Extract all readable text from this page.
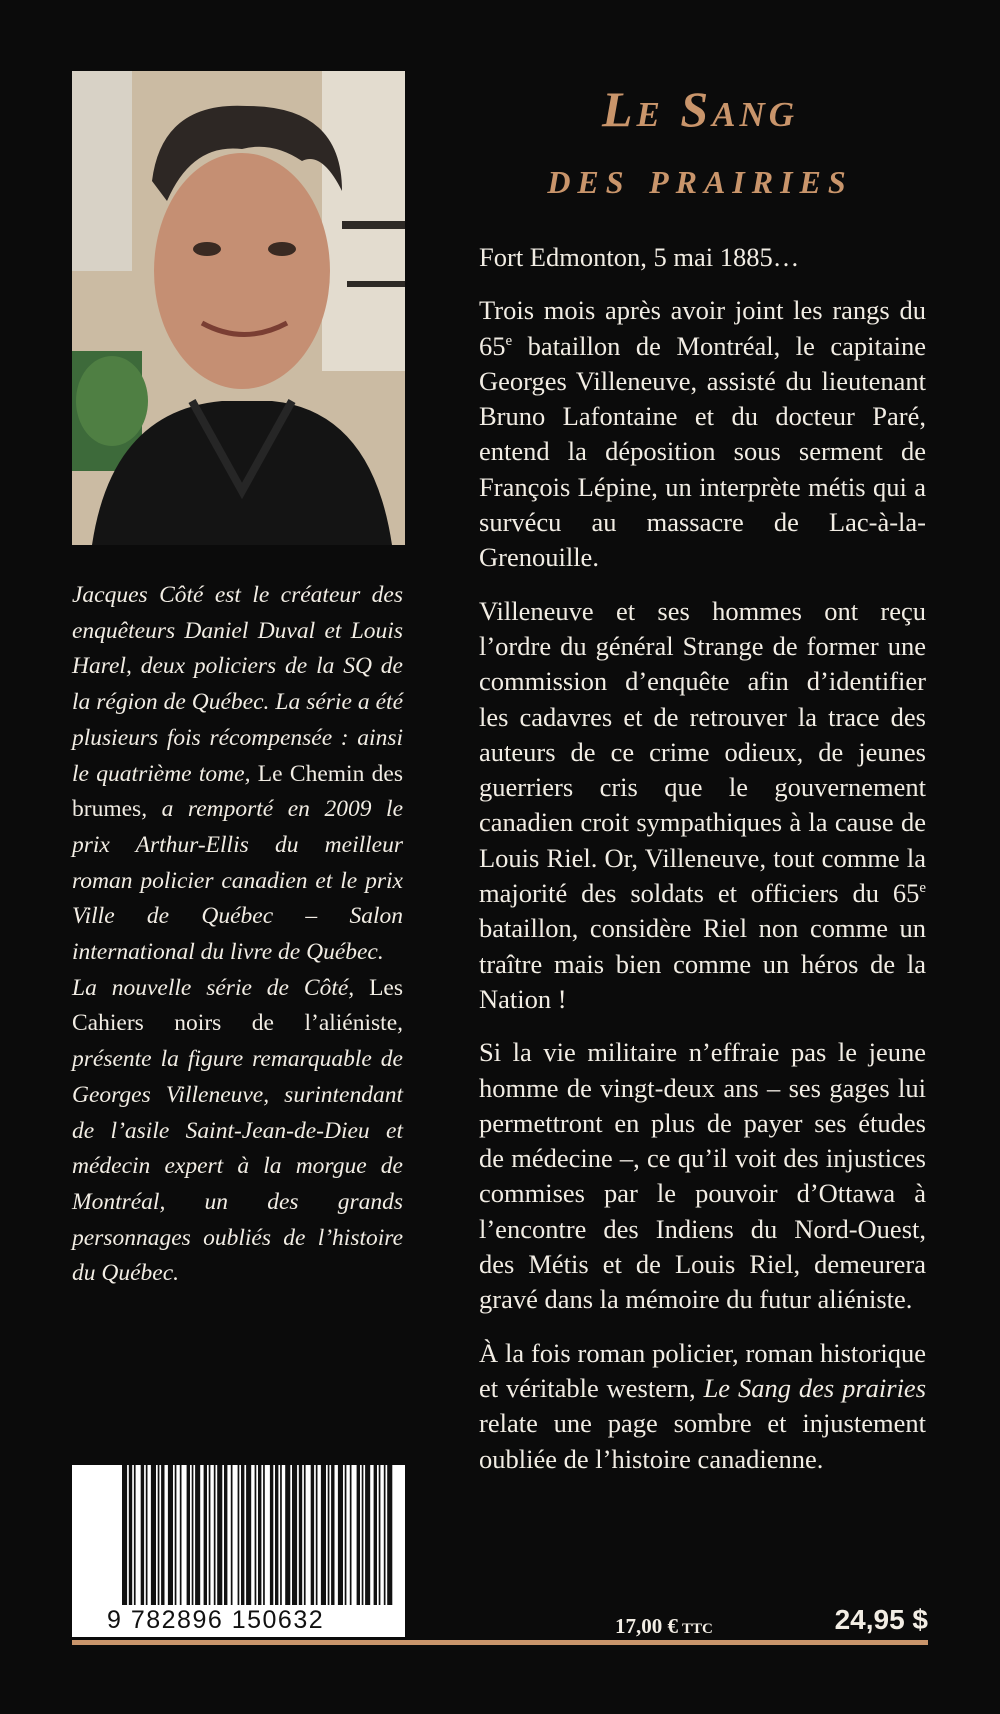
Le Sang
des prairies

Fort Edmonton, 5 mai 1885…

Trois mois après avoir joint les rangs du 65e bataillon de Montréal, le capitaine Georges Villeneuve, assisté du lieutenant Bruno Lafontaine et du docteur Paré, entend la déposition sous serment de François Lépine, un interprète métis qui a survécu au massacre de Lac-à-la-Grenouille.

Villeneuve et ses hommes ont reçu l’ordre du général Strange de former une commission d’enquête afin d’identifier les cadavres et de retrouver la trace des auteurs de ce crime odieux, de jeunes guerriers cris que le gouvernement canadien croit sympathiques à la cause de Louis Riel. Or, Villeneuve, tout comme la majorité des soldats et officiers du 65e bataillon, considère Riel non comme un traître mais bien comme un héros de la Nation !

Si la vie militaire n’effraie pas le jeune homme de vingt-deux ans – ses gages lui permettront en plus de payer ses études de médecine –, ce qu’il voit des injustices commises par le pouvoir d’Ottawa à l’encontre des Indiens du Nord-Ouest, des Métis et de Louis Riel, demeurera gravé dans la mémoire du futur aliéniste.

À la fois roman policier, roman historique et véritable western, Le Sang des prairies relate une page sombre et injustement oubliée de l’histoire canadienne.

Jacques Côté est le créateur des enquêteurs Daniel Duval et Louis Harel, deux policiers de la SQ de la région de Québec. La série a été plusieurs fois récompensée : ainsi le quatrième tome, Le Chemin des brumes, a remporté en 2009 le prix Arthur-Ellis du meilleur roman policier canadien et le prix Ville de Québec – Salon international du livre de Québec.

La nouvelle série de Côté, Les Cahiers noirs de l’aliéniste, présente la figure remarquable de Georges Villeneuve, surintendant de l’asile Saint-Jean-de-Dieu et médecin expert à la morgue de Montréal, un des grands personnages oubliés de l’histoire du Québec.

9 782896 150632	17,00 € TTC	24,95 $
